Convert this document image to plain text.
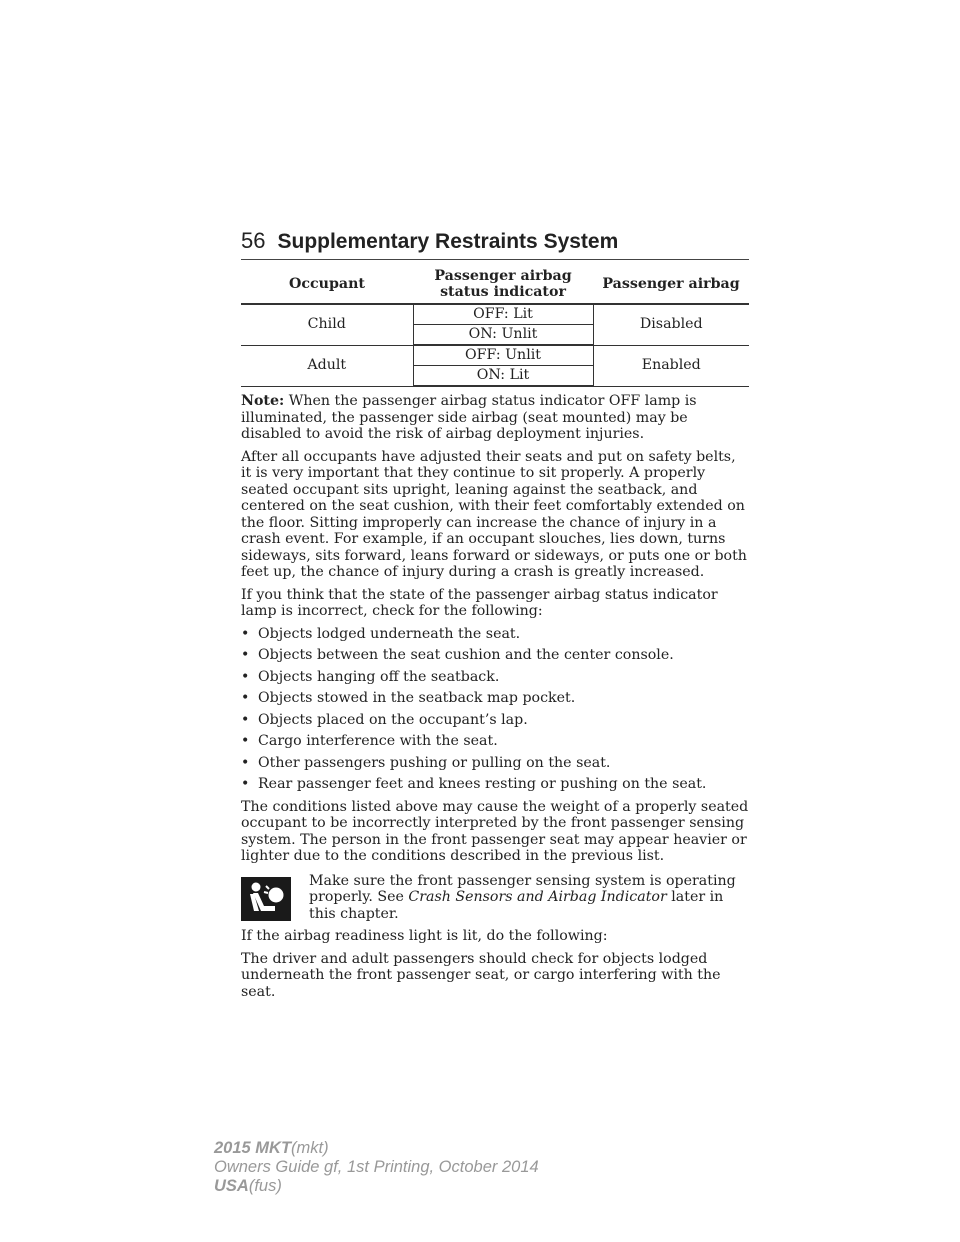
56 Supplementary Restraints System
Occupant	Passenger airbag status indicator	Passenger airbag
Child	OFF: Lit	Disabled
	ON: Unlit	
Adult	OFF: Unlit	Enabled
	ON: Lit	

Note: When the passenger airbag status indicator OFF lamp is illuminated, the passenger side airbag (seat mounted) may be disabled to avoid the risk of airbag deployment injuries.

After all occupants have adjusted their seats and put on safety belts, it is very important that they continue to sit properly. A properly seated occupant sits upright, leaning against the seatback, and centered on the seat cushion, with their feet comfortably extended on the floor. Sitting improperly can increase the chance of injury in a crash event. For example, if an occupant slouches, lies down, turns sideways, sits forward, leans forward or sideways, or puts one or both feet up, the chance of injury during a crash is greatly increased.

If you think that the state of the passenger airbag status indicator lamp is incorrect, check for the following:

• Objects lodged underneath the seat.
• Objects between the seat cushion and the center console.
• Objects hanging off the seatback.
• Objects stowed in the seatback map pocket.
• Objects placed on the occupant’s lap.
• Cargo interference with the seat.
• Other passengers pushing or pulling on the seat.
• Rear passenger feet and knees resting or pushing on the seat.

The conditions listed above may cause the weight of a properly seated occupant to be incorrectly interpreted by the front passenger sensing system. The person in the front passenger seat may appear heavier or lighter due to the conditions described in the previous list.

Make sure the front passenger sensing system is operating properly. See Crash Sensors and Airbag Indicator later in this chapter.

If the airbag readiness light is lit, do the following:

The driver and adult passengers should check for objects lodged underneath the front passenger seat, or cargo interfering with the seat.

2015 MKT(mkt)
Owners Guide gf, 1st Printing, October 2014
USA(fus)
